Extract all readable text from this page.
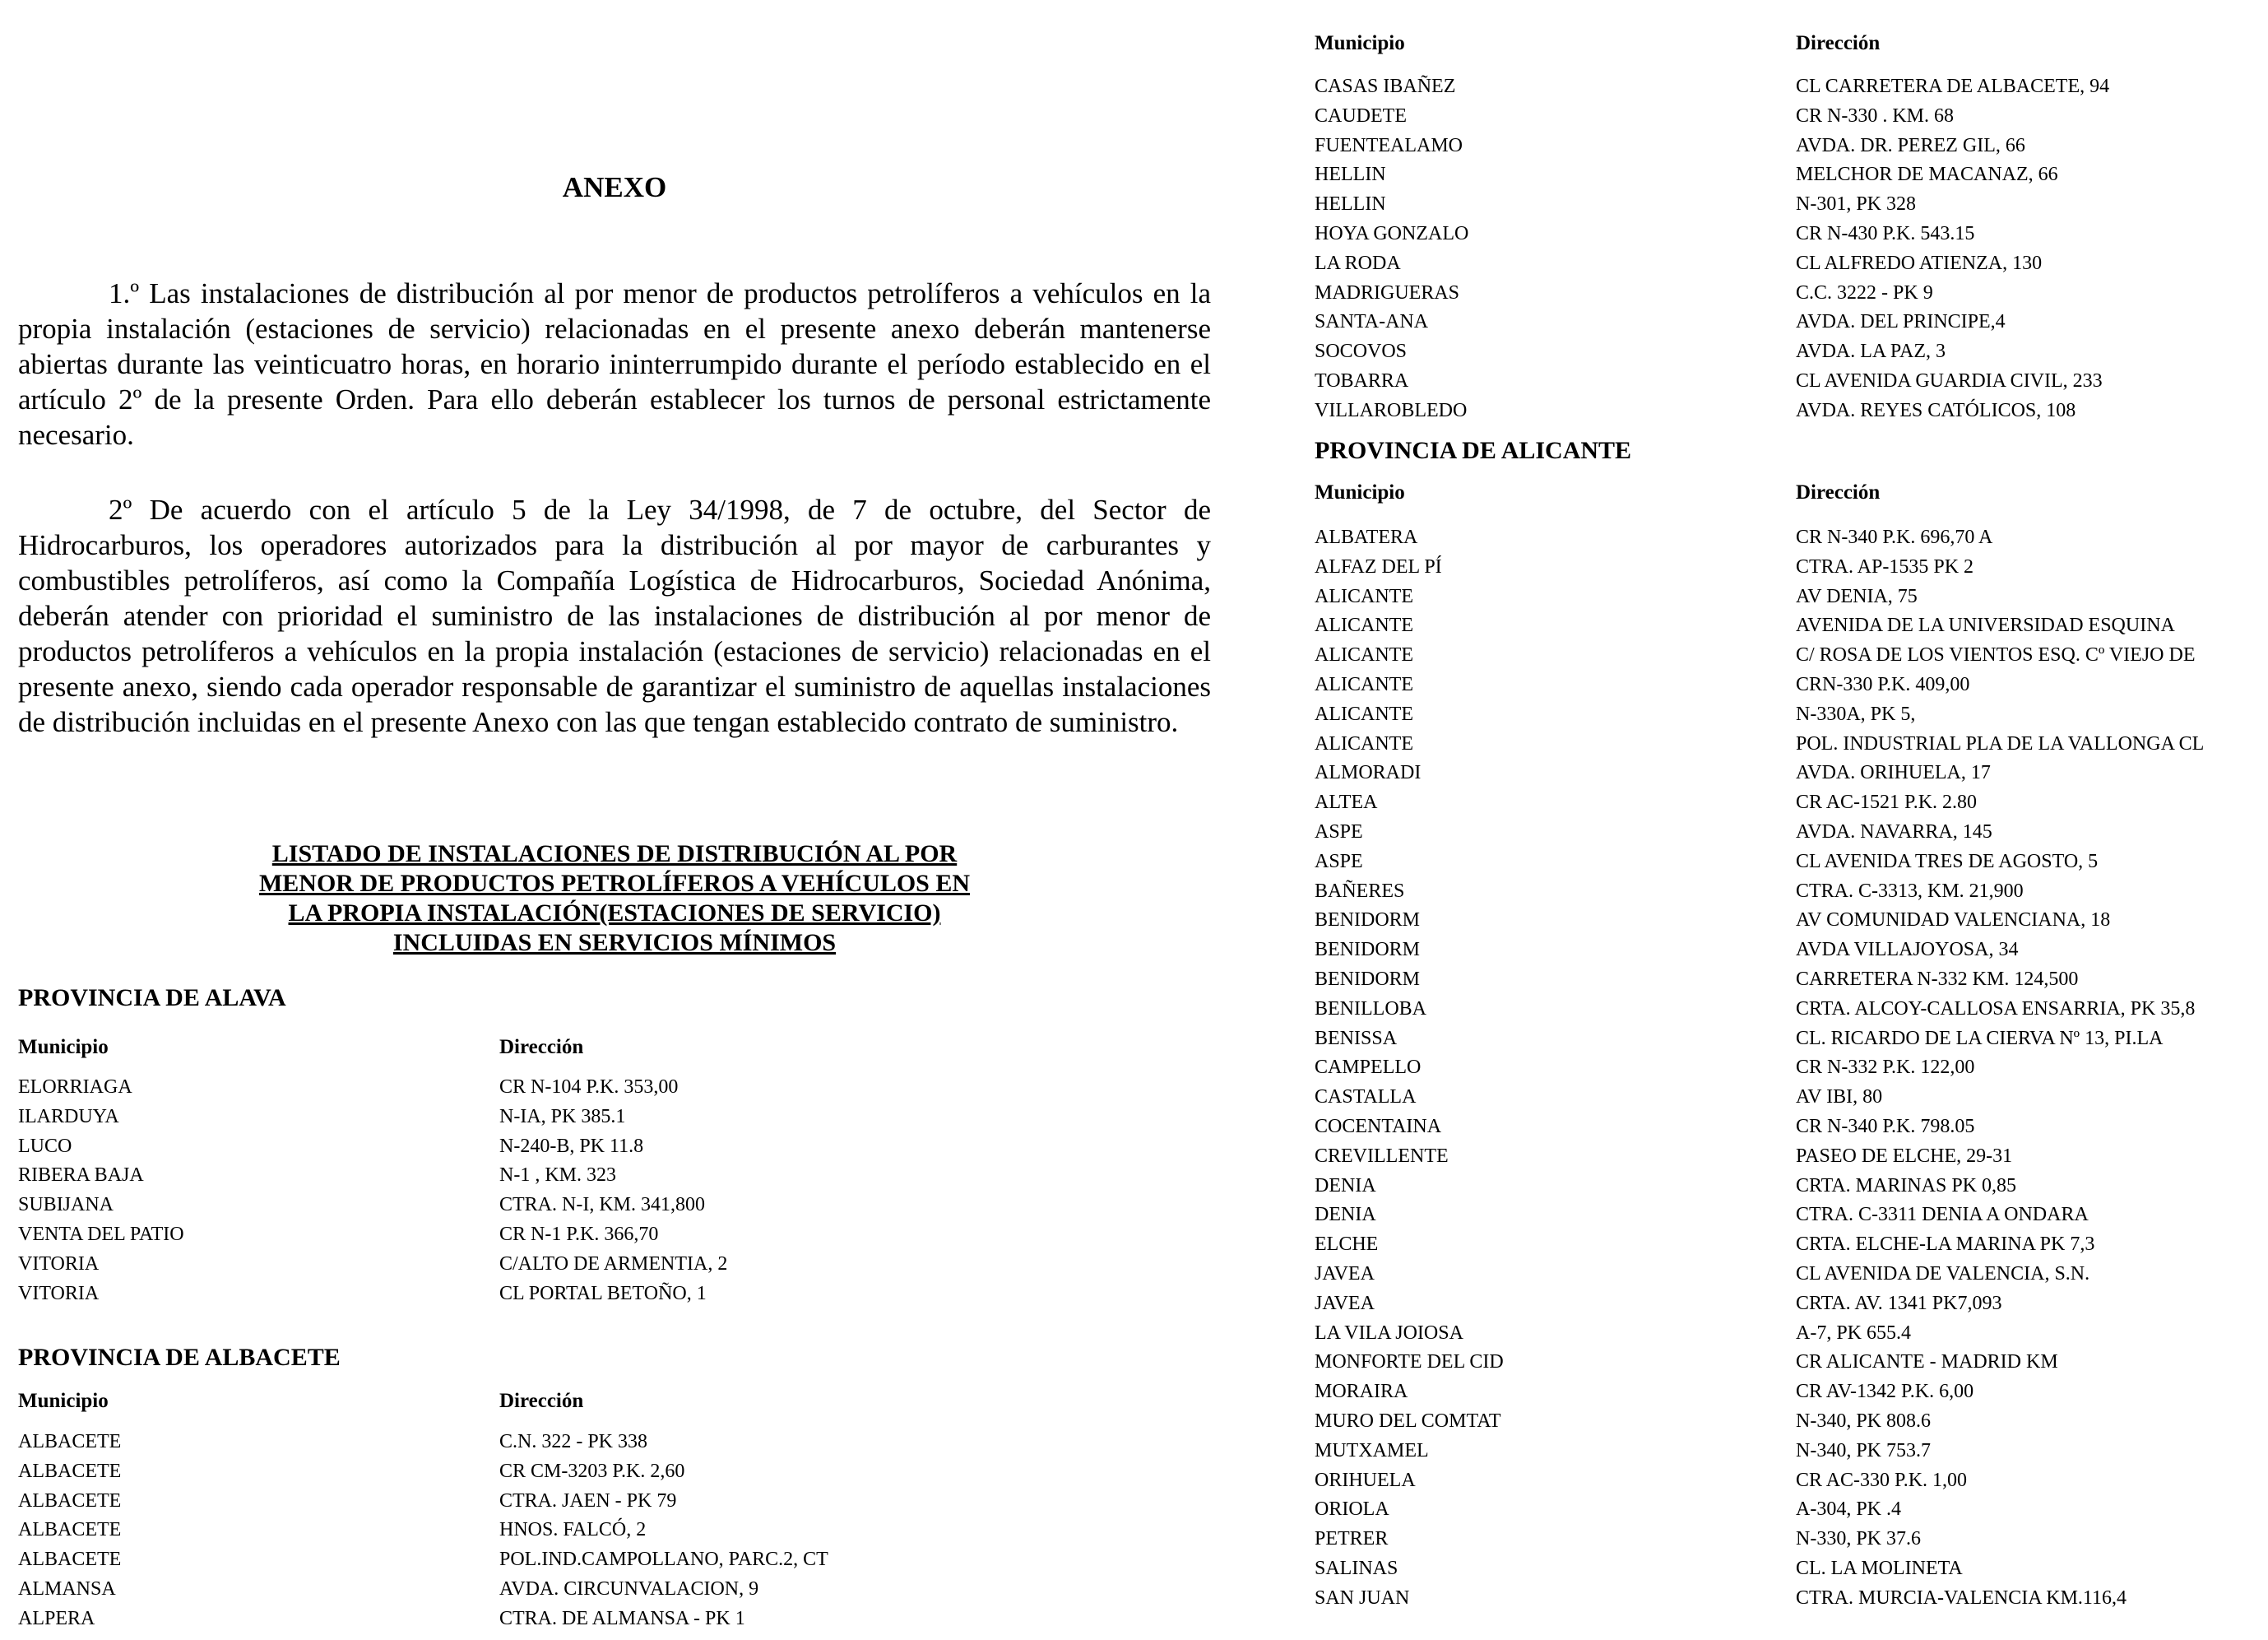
ANEXO

1.º Las instalaciones de distribución al por menor de productos petrolíferos a vehículos en la propia instalación (estaciones de servicio) relacionadas en el presente anexo deberán mantenerse abiertas durante las veinticuatro horas, en horario ininterrumpido durante el período establecido en el artículo 2º de la presente Orden. Para ello deberán establecer los turnos de personal estrictamente necesario.

2º De acuerdo con el artículo 5 de la Ley 34/1998, de 7 de octubre, del Sector de Hidrocarburos, los operadores autorizados para la distribución al por mayor de carburantes y combustibles petrolíferos, así como la Compañía Logística de Hidrocarburos, Sociedad Anónima, deberán atender con prioridad el suministro de las instalaciones de distribución al por menor de productos petrolíferos a vehículos en la propia instalación (estaciones de servicio) relacionadas en el presente anexo, siendo cada operador responsable de garantizar el suministro de aquellas instalaciones de distribución incluidas en el presente Anexo con las que tengan establecido contrato de suministro.

LISTADO DE INSTALACIONES DE DISTRIBUCIÓN AL POR
MENOR DE PRODUCTOS PETROLÍFEROS A VEHÍCULOS EN
LA PROPIA INSTALACIÓN(ESTACIONES DE SERVICIO)
INCLUIDAS EN SERVICIOS MÍNIMOS
PROVINCIA DE ALAVA
Municipio	Dirección
ELORRIAGA	CR N-104 P.K. 353,00
ILARDUYA	N-IA, PK 385.1
LUCO	N-240-B, PK 11.8
RIBERA BAJA	N-1 , KM. 323
SUBIJANA	CTRA. N-I, KM. 341,800
VENTA DEL PATIO	CR N-1 P.K. 366,70
VITORIA	C/ALTO DE ARMENTIA, 2
VITORIA	CL PORTAL BETOÑO, 1
PROVINCIA DE ALBACETE
Municipio	Dirección
ALBACETE	C.N. 322 - PK 338
ALBACETE	CR CM-3203 P.K. 2,60
ALBACETE	CTRA. JAEN - PK 79
ALBACETE	HNOS. FALCÓ, 2
ALBACETE	POL.IND.CAMPOLLANO, PARC.2, CT
ALMANSA	AVDA. CIRCUNVALACION, 9
ALPERA	CTRA. DE ALMANSA - PK 1
Municipio	Dirección
CASAS IBAÑEZ	CL CARRETERA DE ALBACETE, 94
CAUDETE	CR N-330 . KM. 68
FUENTEALAMO	AVDA. DR. PEREZ GIL, 66
HELLIN	MELCHOR DE MACANAZ, 66
HELLIN	N-301, PK 328
HOYA GONZALO	CR N-430 P.K. 543.15
LA RODA	CL ALFREDO ATIENZA, 130
MADRIGUERAS	C.C. 3222 - PK 9
SANTA-ANA	AVDA. DEL PRINCIPE,4
SOCOVOS	AVDA. LA PAZ, 3
TOBARRA	CL AVENIDA GUARDIA CIVIL, 233
VILLAROBLEDO	AVDA. REYES CATÓLICOS, 108
PROVINCIA DE ALICANTE
Municipio	Dirección
ALBATERA	CR N-340 P.K. 696,70 A
ALFAZ DEL PÍ	CTRA. AP-1535 PK 2
ALICANTE	AV DENIA, 75
ALICANTE	AVENIDA DE LA UNIVERSIDAD ESQUINA
ALICANTE	C/ ROSA DE LOS VIENTOS ESQ. Cº VIEJO DE
ALICANTE	CRN-330 P.K. 409,00
ALICANTE	N-330A, PK 5,
ALICANTE	POL. INDUSTRIAL PLA DE LA VALLONGA CL
ALMORADI	AVDA. ORIHUELA, 17
ALTEA	CR AC-1521 P.K. 2.80
ASPE	AVDA. NAVARRA, 145
ASPE	CL AVENIDA TRES DE AGOSTO, 5
BAÑERES	CTRA. C-3313, KM. 21,900
BENIDORM	AV COMUNIDAD VALENCIANA, 18
BENIDORM	AVDA VILLAJOYOSA, 34
BENIDORM	CARRETERA N-332 KM. 124,500
BENILLOBA	CRTA. ALCOY-CALLOSA ENSARRIA, PK 35,8
BENISSA	CL. RICARDO DE LA CIERVA Nº 13, PI.LA
CAMPELLO	CR N-332 P.K. 122,00
CASTALLA	AV IBI, 80
COCENTAINA	CR N-340 P.K. 798.05
CREVILLENTE	PASEO DE ELCHE, 29-31
DENIA	CRTA. MARINAS PK 0,85
DENIA	CTRA. C-3311 DENIA A ONDARA
ELCHE	CRTA. ELCHE-LA MARINA PK 7,3
JAVEA	CL AVENIDA DE VALENCIA, S.N.
JAVEA	CRTA. AV. 1341 PK7,093
LA VILA JOIOSA	A-7, PK 655.4
MONFORTE DEL CID	CR ALICANTE - MADRID KM
MORAIRA	CR AV-1342 P.K. 6,00
MURO DEL COMTAT	N-340, PK 808.6
MUTXAMEL	N-340, PK 753.7
ORIHUELA	CR AC-330 P.K. 1,00
ORIOLA	A-304, PK .4
PETRER	N-330, PK 37.6
SALINAS	CL. LA MOLINETA
SAN JUAN	CTRA. MURCIA-VALENCIA KM.116,4
